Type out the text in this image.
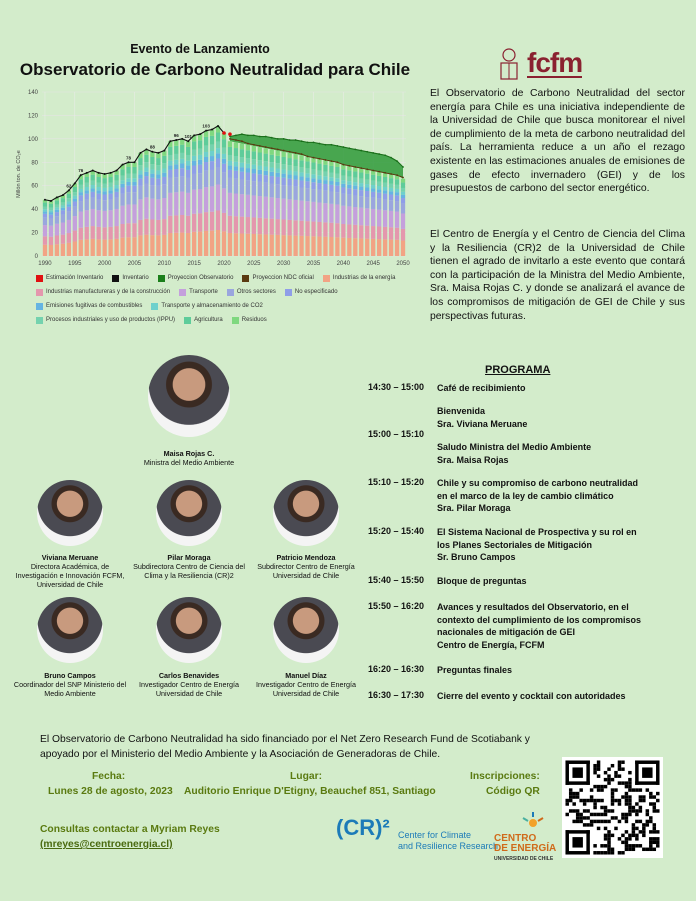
Evento de Lanzamiento
Observatorio de Carbono Neutralidad para Chile	fcfm
0
20
40
60
80
100
120
140
1990	1995	2000	2005	2010	2015	2020	2025	2030	2035	2040	2045	2050
Millón ton. de CO₂e	62
76
78
88
96 101
103
Estimación Inventario	Inventario	Proyeccion Observatorio	Proyeccion NDC oficial	Industrias de la energía
Industrias manufactureras y de la construcción	Transporte	Otros sectores	No especificado
Emisiones fugitivas de combustibles	Transporte y almacenamiento de CO2
Procesos industriales y uso de productos (IPPU)	Agricultura	Residuos
El Observatorio de Carbono Neutralidad del sector energía para Chile es una iniciativa independiente de la Universidad de Chile que busca monitorear el nivel de cumplimiento de la meta de carbono neutralidad del país. La herramienta reduce a un año el rezago existente en las estimaciones anuales de emisiones de gases de efecto invernadero (GEI) y de los presupuestos de carbono del sector energético.
El Centro de Energía y el Centro de Ciencia del Clima y la Resiliencia (CR)2 de la Universidad de Chile tienen el agrado de invitarlo a este evento que contará con la participación de la Ministra del Medio Ambiente, Sra. Maisa Rojas C. y donde se analizará el avance de los compromisos de mitigación de GEI de Chile y sus perspectivas futuras.
Maisa Rojas C.
Ministra del Medio Ambiente
Viviana Meruane
Directora Académica, de Investigación e Innovación FCFM, Universidad de Chile
Pilar Moraga
Subdirectora Centro de Ciencia del Clima y la Resiliencia (CR)2
Patricio Mendoza
Subdirector Centro de Energía Universidad de Chile
Bruno Campos
Coordinador del SNP Ministerio del Medio Ambiente
Carlos Benavides
Investigador Centro de Energía Universidad de Chile
Manuel Díaz
Investigador Centro de Energía Universidad de Chile
PROGRAMA
14:30 – 15:00 Café de recibimiento
15:00 – 15:10
Bienvenida
Sra. Viviana Meruane
Saludo Ministra del Medio Ambiente
Sra. Maisa Rojas
15:10 – 15:20 Chile y su compromiso de carbono neutralidad
en el marco de la ley de cambio climático
Sra. Pilar Moraga
15:20 – 15:40 El Sistema Nacional de Prospectiva y su rol en
los Planes Sectoriales de Mitigación
Sr. Bruno Campos
15:40 – 15:50 Bloque de preguntas
15:50 – 16:20 Avances y resultados del Observatorio, en el
contexto del cumplimiento de los compromisos
nacionales de mitigación de GEI
Centro de Energía, FCFM
16:20 – 16:30 Preguntas finales
16:30 – 17:30 Cierre del evento y cocktail con autoridades
El Observatorio de Carbono Neutralidad ha sido financiado por el Net Zero Research Fund de Scotiabank y apoyado por el Ministerio del Medio Ambiente y la Asociación de Generadoras de Chile.
Fecha:
Lunes 28 de agosto, 2023
Lugar:
Auditorio Enrique D'Etigny, Beauchef 851, Santiago
Inscripciones:
Código QR
Consultas contactar a Myriam Reyes
(mreyes@centroenergia.cl)
(CR)² Center for Climate
and Resilience Research
CENTRO
DE ENERGÍA
UNIVERSIDAD DE CHILE
